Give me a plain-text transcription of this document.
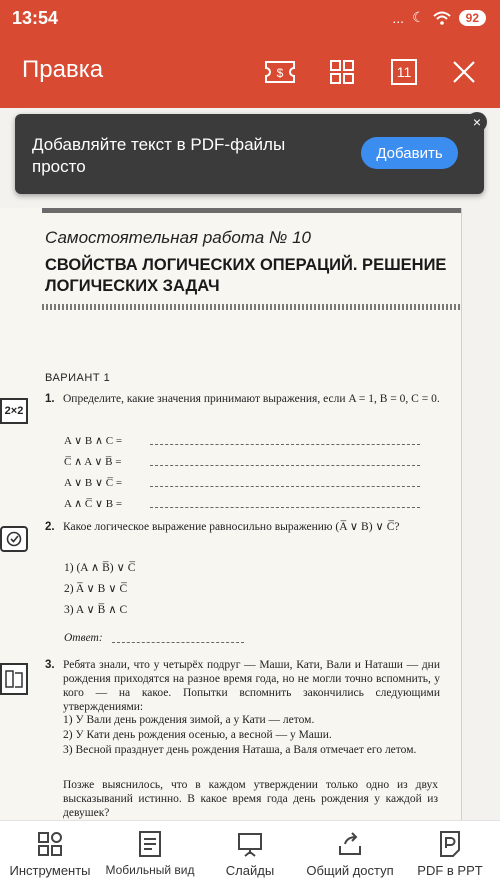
13:54	... ☾	92
Правка	$	11
Самостоятельная работа № 10
СВОЙСТВА ЛОГИЧЕСКИХ ОПЕРАЦИЙ. РЕШЕНИЕ ЛОГИЧЕСКИХ ЗАДАЧ
ВАРИАНТ 1
2×2
1. Определите, какие значения принимают выражения, если A = 1, B = 0, C = 0.
A ∨ B ∧ C =
C̅ ∧ A ∨ B̅ =
A ∨ B ∨ C̅ =
A ∧ C̅ ∨ B =
2. Какое логическое выражение равносильно выражению (A̅ ∨ B) ∨ C̅?
1) (A ∧ B̅) ∨ C̅
2) A̅ ∨ B ∨ C̅
3) A ∨ B̅ ∧ C
Ответ:
3. Ребята знали, что у четырёх подруг — Маши, Кати, Вали и Наташи — дни рождения приходятся на разное время года, но не могли точно вспомнить, у кого — на какое. Попытки вспомнить закончились следующими утверждениями:
1) У Вали день рождения зимой, а у Кати — летом.
2) У Кати день рождения осенью, а весной — у Маши.
3) Весной празднует день рождения Наташа, а Валя отмечает его летом.
Позже выяснилось, что в каждом утверждении только одно из двух высказываний истинно. В какое время года день рождения у каждой из девушек?
Добавляйте текст в PDF-файлы просто
Добавить
×
Инструменты	Мобильный вид	Слайды	Общий доступ	PDF в PPT
